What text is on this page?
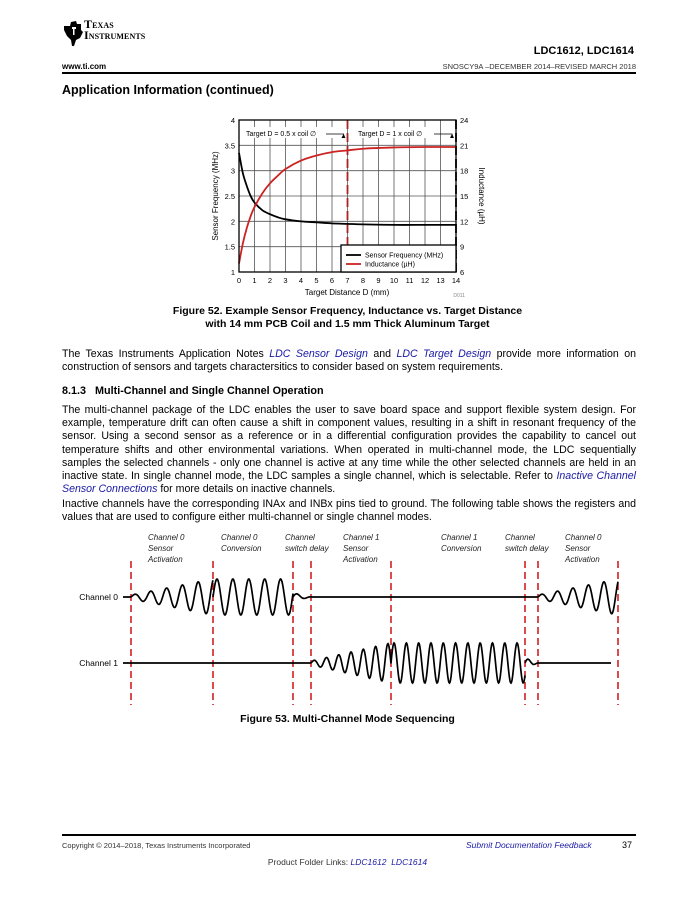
Texas
Instruments
LDC1612, LDC1614
www.ti.com	SNOSCY9A –DECEMBER 2014–REVISED MARCH 2018
Application Information (continued)
0 1 2 3 4 5 6 7 8 9 10 11 12 13 14
1
1.5
2
2.5
3
3.5
4
6
9
12
15
18
21
24
Target D = 0.5 x coil ∅	Target D = 1 x coil ∅
Sensor Frequency (MHz)
Inductance (µH)
Target Distance D (mm)
Sensor Frequency (MHz)	Inductance (µH)
D011
Figure 52. Example Sensor Frequency, Inductance vs. Target Distance
with 14 mm PCB Coil and 1.5 mm Thick Aluminum Target
The Texas Instruments Application Notes LDC Sensor Design and LDC Target Design provide more information on construction of sensors and targets charactersitics to consider based on system requirements.
8.1.3 Multi-Channel and Single Channel Operation
The multi-channel package of the LDC enables the user to save board space and support flexible system design. For example, temperature drift can often cause a shift in component values, resulting in a shift in resonant frequency of the sensor. Using a second sensor as a reference or in a differential configuration provides the capability to cancel out temperature shifts and other environmental variations. When operated in multi-channel mode, the LDC sequentially samples the selected channels - only one channel is active at any time while the other selected channels are held in an inactive state. In single channel mode, the LDC samples a single channel, which is selectable. Refer to Inactive Channel Sensor Connections for more details on inactive channels.
Inactive channels have the corresponding INAx and INBx pins tied to ground. The following table shows the registers and values that are used to configure either multi-channel or single channel modes.
Channel 0 Sensor Activation
Channel 0 Conversion
Channel switch delay
Channel 1 Sensor Activation
Channel 1 Conversion
Channel switch delay
Channel 0 Sensor Activation
Channel 0
Channel 1
Figure 53. Multi-Channel Mode Sequencing
Copyright © 2014–2018, Texas Instruments Incorporated	Submit Documentation Feedback	37
Product Folder Links: LDC1612 LDC1614
